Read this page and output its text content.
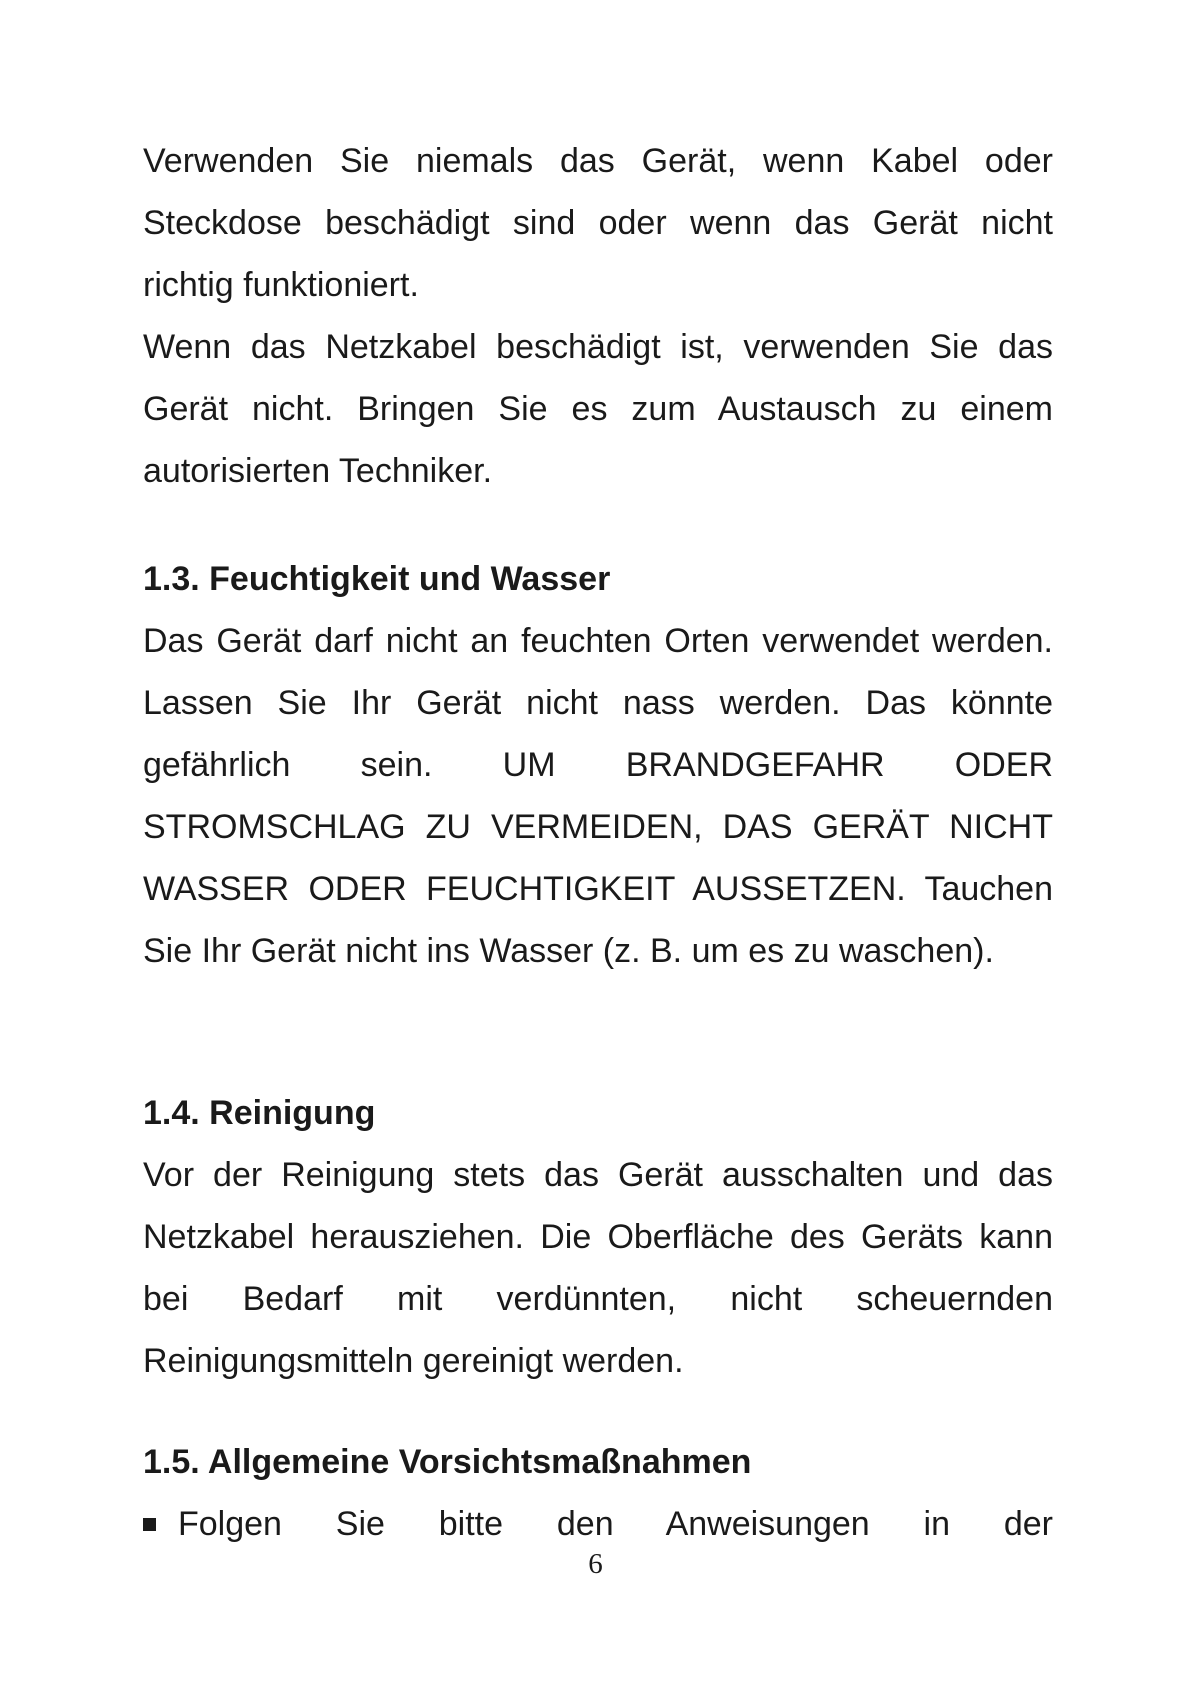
Verwenden Sie niemals das Gerät, wenn Kabel oder Steckdose beschädigt sind oder wenn das Gerät nicht richtig funktioniert.

Wenn das Netzkabel beschädigt ist, verwenden Sie das Gerät nicht. Bringen Sie es zum Austausch zu einem autorisierten Techniker.

1.3. Feuchtigkeit und Wasser

Das Gerät darf nicht an feuchten Orten verwendet werden. Lassen Sie Ihr Gerät nicht nass werden. Das könnte gefährlich sein. UM BRANDGEFAHR ODER STROMSCHLAG ZU VERMEIDEN, DAS GERÄT NICHT WASSER ODER FEUCHTIGKEIT AUSSETZEN. Tauchen Sie Ihr Gerät nicht ins Wasser (z. B. um es zu waschen).

1.4. Reinigung

Vor der Reinigung stets das Gerät ausschalten und das Netzkabel herausziehen. Die Oberfläche des Geräts kann bei Bedarf mit verdünnten, nicht scheuernden Reinigungsmitteln gereinigt werden.

1.5. Allgemeine Vorsichtsmaßnahmen
Folgen Sie bitte den Anweisungen in der
6
